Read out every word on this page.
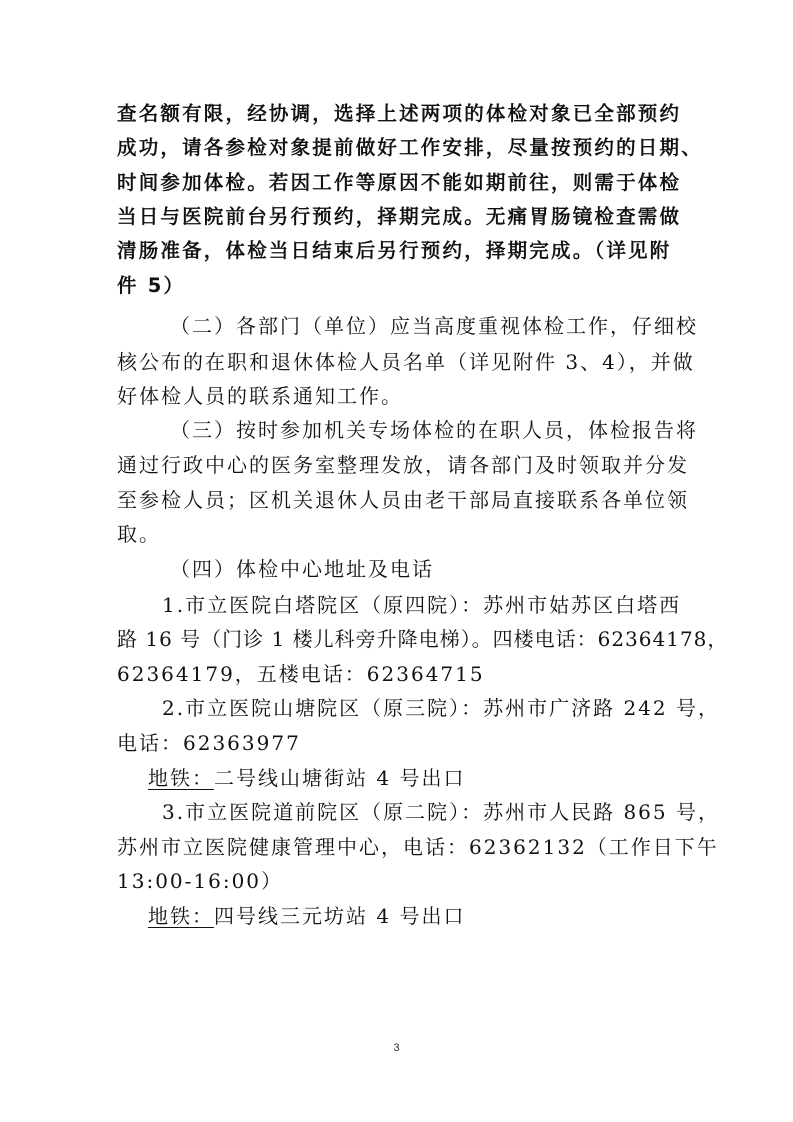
查名额有限，经协调，选择上述两项的体检对象已全部预约
成功，请各参检对象提前做好工作安排，尽量按预约的日期、
时间参加体检。若因工作等原因不能如期前往，则需于体检
当日与医院前台另行预约，择期完成。无痛胃肠镜检查需做
清肠准备，体检当日结束后另行预约，择期完成。（详见附
件 5）
（二）各部门（单位）应当高度重视体检工作，仔细校
核公布的在职和退休体检人员名单（详见附件 3、4），并做
好体检人员的联系通知工作。
（三）按时参加机关专场体检的在职人员，体检报告将
通过行政中心的医务室整理发放，请各部门及时领取并分发
至参检人员；区机关退休人员由老干部局直接联系各单位领
取。
（四）体检中心地址及电话
1.市立医院白塔院区（原四院）：苏州市姑苏区白塔西
路 16 号（门诊 1 楼儿科旁升降电梯）。四楼电话：62364178，
62364179，五楼电话：62364715
2.市立医院山塘院区（原三院）：苏州市广济路 242 号，
电话：62363977
地铁：二号线山塘街站 4 号出口
3.市立医院道前院区（原二院）：苏州市人民路 865 号，
苏州市立医院健康管理中心，电话：62362132（工作日下午
13:00-16:00）
地铁：四号线三元坊站 4 号出口
3
